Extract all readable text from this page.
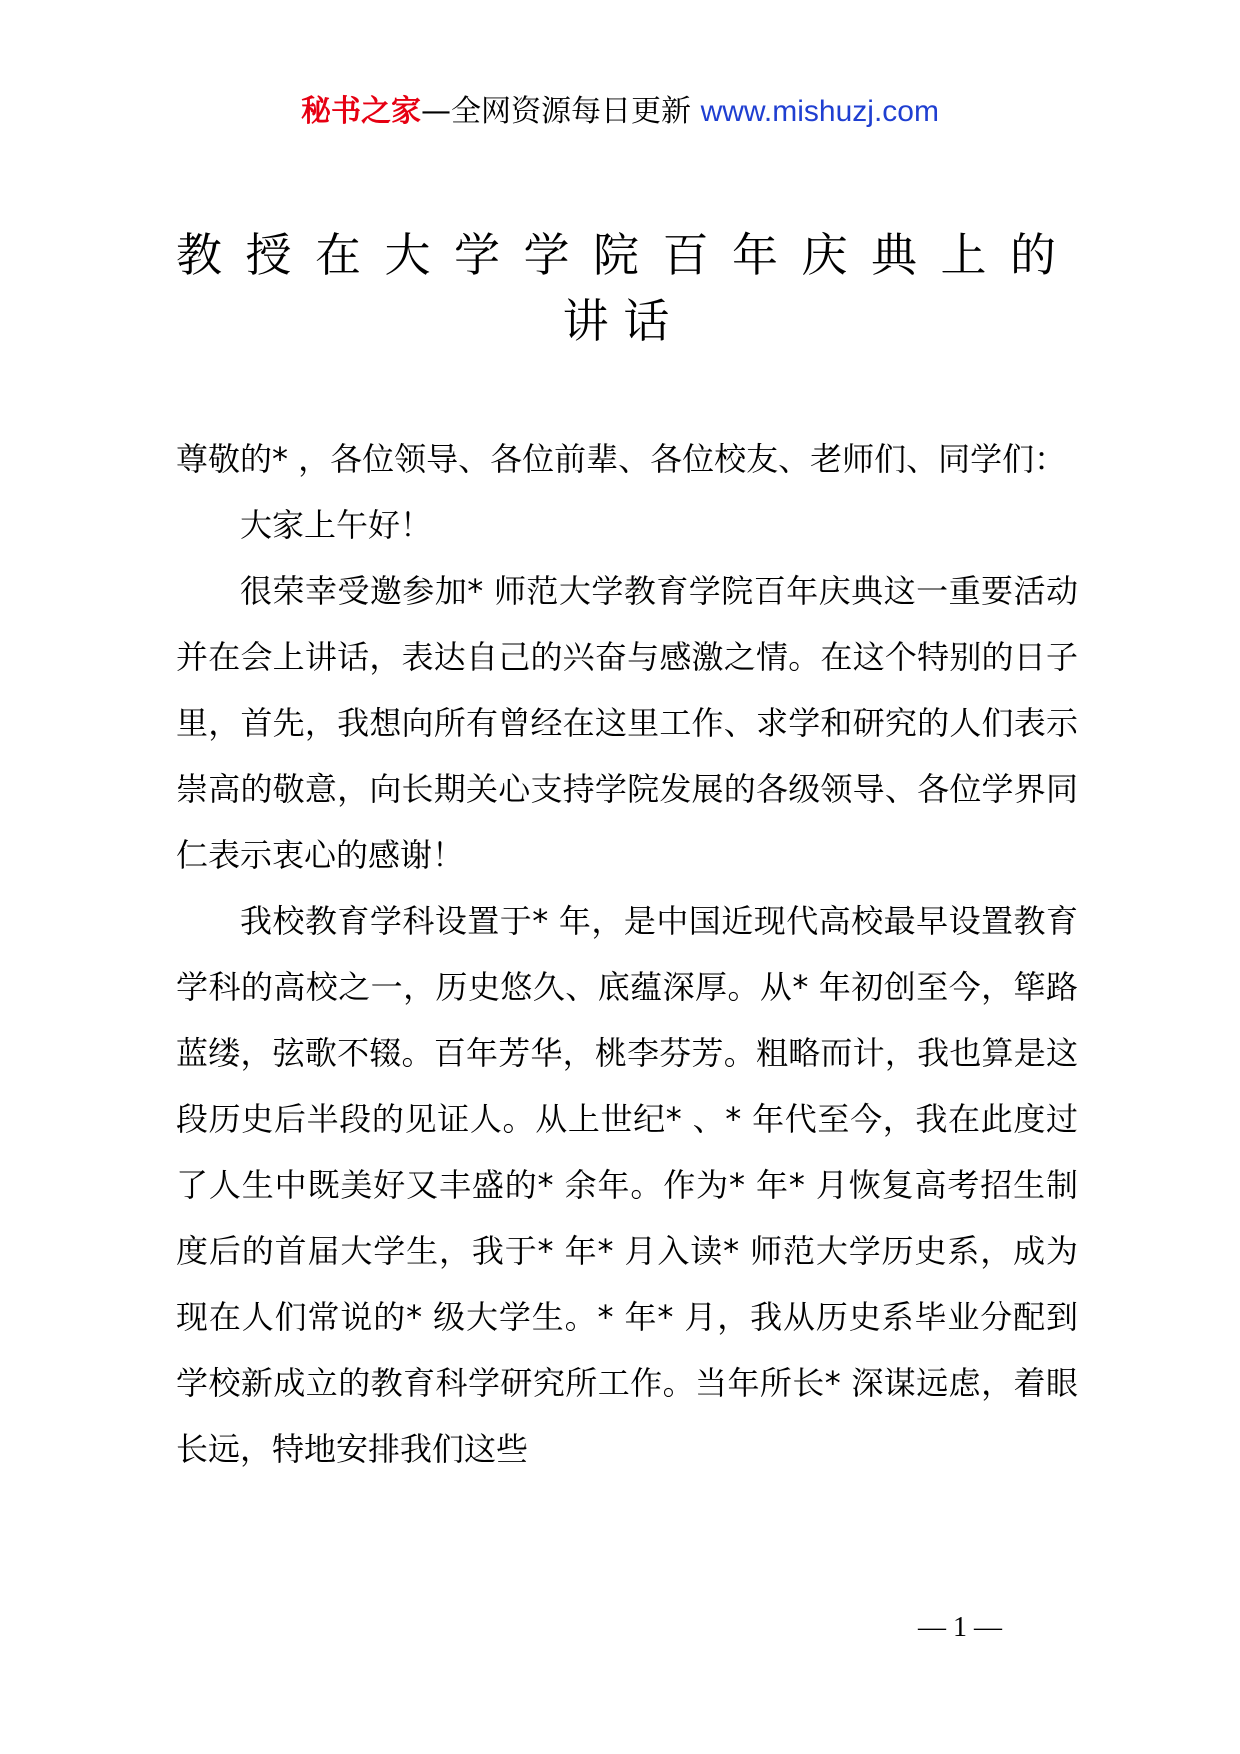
秘书之家—全网资源每日更新 www.mishuzj.com
教授在大学学院百年庆典上的
讲话

尊敬的* ，各位领导、各位前辈、各位校友、老师们、同学们：

大家上午好！

很荣幸受邀参加* 师范大学教育学院百年庆典这一重要活动并在会上讲话，表达自己的兴奋与感激之情。在这个特别的日子里，首先，我想向所有曾经在这里工作、求学和研究的人们表示崇高的敬意，向长期关心支持学院发展的各级领导、各位学界同仁表示衷心的感谢！

我校教育学科设置于* 年，是中国近现代高校最早设置教育学科的高校之一，历史悠久、底蕴深厚。从* 年初创至今，筚路蓝缕，弦歌不辍。百年芳华，桃李芬芳。粗略而计，我也算是这段历史后半段的见证人。从上世纪* 、* 年代至今，我在此度过了人生中既美好又丰盛的* 余年。作为* 年* 月恢复高考招生制度后的首届大学生，我于* 年* 月入读* 师范大学历史系，成为现在人们常说的* 级大学生。* 年* 月，我从历史系毕业分配到学校新成立的教育科学研究所工作。当年所长* 深谋远虑，着眼长远，特地安排我们这些

— 1 —
